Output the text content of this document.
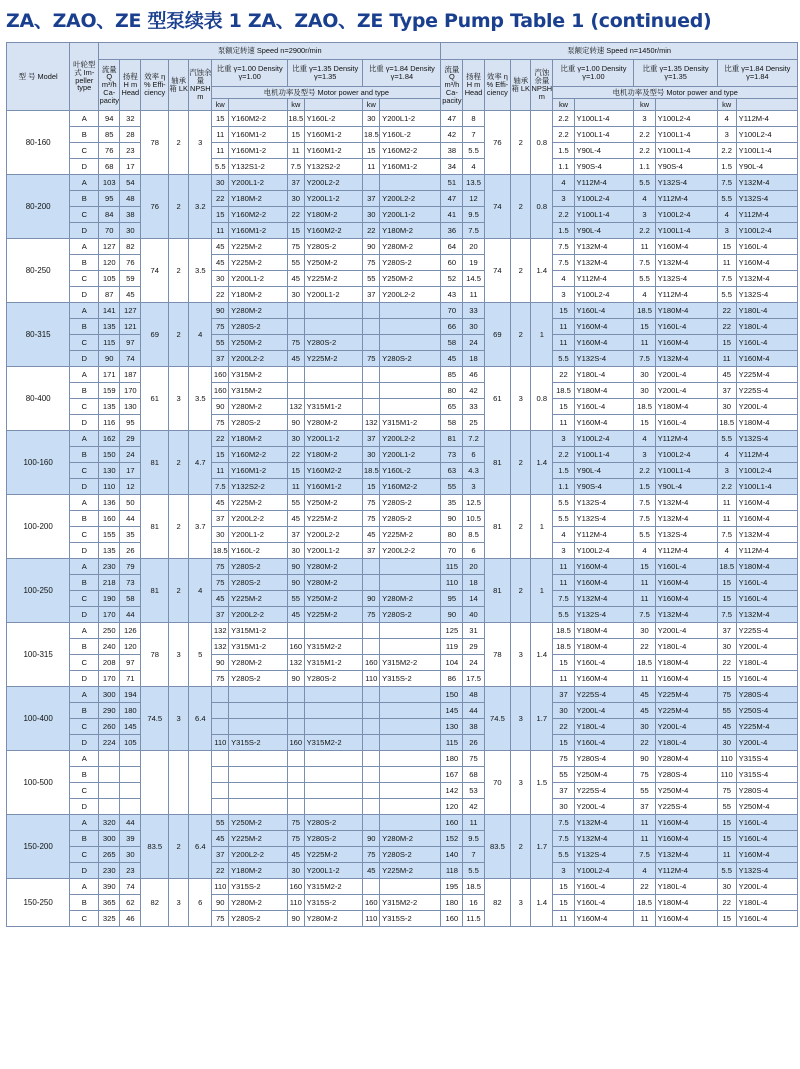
ZA、ZAO、ZE 型泵续表 1 ZA、ZAO、ZE Type Pump Table 1 (continued)
型 号 Model	叶轮型式 Im-peller type	泵额定转速 Speed n=2900r/min											泵额定转速 Speed n=1450r/min										
		流量 Q m³/h Ca-pacity	扬程 H m Head	效率 η % Effi-ciency	轴承箱 LK	汽蚀余量 NPSH m	比重 γ=1.00 Density γ=1.00		比重 γ=1.35 Density γ=1.35		比重 γ=1.84 Density γ=1.84		流量 Q m³/h Ca-pacity	扬程 H m Head	效率 η % Effi-ciency	轴承箱 LK	汽蚀余量 NPSH m	比重 γ=1.00 Density γ=1.00		比重 γ=1.35 Density γ=1.35		比重 γ=1.84 Density γ=1.84	
							电机功率及型号 Motor power and type											电机功率及型号 Motor power and type					
							kw		kw		kw							kw		kw		kw	
80-160	A	94	32	78	2	3	15	Y160M2-2	18.5	Y160L-2	30	Y200L1-2	47	8	76	2	0.8	2.2	Y100L1-4	3	Y100L2-4	4	Y112M-4
	B	85	28				11	Y160M1-2	15	Y160M1-2	18.5	Y160L-2	42	7				2.2	Y100L1-4	2.2	Y100L1-4	3	Y100L2-4
	C	76	23				11	Y160M1-2	11	Y160M1-2	15	Y160M2-2	38	5.5				1.5	Y90L-4	2.2	Y100L1-4	2.2	Y100L1-4
	D	68	17				5.5	Y132S1-2	7.5	Y132S2-2	11	Y160M1-2	34	4				1.1	Y90S-4	1.1	Y90S-4	1.5	Y90L-4
80-200	A	103	54	76	2	3.2	30	Y200L1-2	37	Y200L2-2			51	13.5	74	2	0.8	4	Y112M-4	5.5	Y132S-4	7.5	Y132M-4
	B	95	48				22	Y180M-2	30	Y200L1-2	37	Y200L2-2	47	12				3	Y100L2-4	4	Y112M-4	5.5	Y132S-4
	C	84	38				15	Y160M2-2	22	Y180M-2	30	Y200L1-2	41	9.5				2.2	Y100L1-4	3	Y100L2-4	4	Y112M-4
	D	70	30				11	Y160M1-2	15	Y160M2-2	22	Y180M-2	36	7.5				1.5	Y90L-4	2.2	Y100L1-4	3	Y100L2-4
80-250	A	127	82	74	2	3.5	45	Y225M-2	75	Y280S-2	90	Y280M-2	64	20	74	2	1.4	7.5	Y132M-4	11	Y160M-4	15	Y160L-4
	B	120	76				45	Y225M-2	55	Y250M-2	75	Y280S-2	60	19				7.5	Y132M-4	7.5	Y132M-4	11	Y160M-4
	C	105	59				30	Y200L1-2	45	Y225M-2	55	Y250M-2	52	14.5				4	Y112M-4	5.5	Y132S-4	7.5	Y132M-4
	D	87	45				22	Y180M-2	30	Y200L1-2	37	Y200L2-2	43	11				3	Y100L2-4	4	Y112M-4	5.5	Y132S-4
80-315	A	141	127	69	2	4	90	Y280M-2					70	33	69	2	1	15	Y160L-4	18.5	Y180M-4	22	Y180L-4
	B	135	121				75	Y280S-2					66	30				11	Y160M-4	15	Y160L-4	22	Y180L-4
	C	115	97				55	Y250M-2	75	Y280S-2			58	24				11	Y160M-4	11	Y160M-4	15	Y160L-4
	D	90	74				37	Y200L2-2	45	Y225M-2	75	Y280S-2	45	18				5.5	Y132S-4	7.5	Y132M-4	11	Y160M-4
80-400	A	171	187	61	3	3.5	160	Y315M-2					85	46	61	3	0.8	22	Y180L-4	30	Y200L-4	45	Y225M-4
	B	159	170				160	Y315M-2					80	42				18.5	Y180M-4	30	Y200L-4	37	Y225S-4
	C	135	130				90	Y280M-2	132	Y315M1-2			65	33				15	Y160L-4	18.5	Y180M-4	30	Y200L-4
	D	116	95				75	Y280S-2	90	Y280M-2	132	Y315M1-2	58	25				11	Y160M-4	15	Y160L-4	18.5	Y180M-4
100-160	A	162	29	81	2	4.7	22	Y180M-2	30	Y200L1-2	37	Y200L2-2	81	7.2	81	2	1.4	3	Y100L2-4	4	Y112M-4	5.5	Y132S-4
	B	150	24				15	Y160M2-2	22	Y180M-2	30	Y200L1-2	73	6				2.2	Y100L1-4	3	Y100L2-4	4	Y112M-4
	C	130	17				11	Y160M1-2	15	Y160M2-2	18.5	Y160L-2	63	4.3				1.5	Y90L-4	2.2	Y100L1-4	3	Y100L2-4
	D	110	12				7.5	Y132S2-2	11	Y160M1-2	15	Y160M2-2	55	3				1.1	Y90S-4	1.5	Y90L-4	2.2	Y100L1-4
100-200	A	136	50	81	2	3.7	45	Y225M-2	55	Y250M-2	75	Y280S-2	35	12.5	81	2	1	5.5	Y132S-4	7.5	Y132M-4	11	Y160M-4
	B	160	44				37	Y200L2-2	45	Y225M-2	75	Y280S-2	90	10.5				5.5	Y132S-4	7.5	Y132M-4	11	Y160M-4
	C	155	35				30	Y200L1-2	37	Y200L2-2	45	Y225M-2	80	8.5				4	Y112M-4	5.5	Y132S-4	7.5	Y132M-4
	D	135	26				18.5	Y160L-2	30	Y200L1-2	37	Y200L2-2	70	6				3	Y100L2-4	4	Y112M-4	4	Y112M-4
100-250	A	230	79	81	2	4	75	Y280S-2	90	Y280M-2			115	20	81	2	1	11	Y160M-4	15	Y160L-4	18.5	Y180M-4
	B	218	73				75	Y280S-2	90	Y280M-2			110	18				11	Y160M-4	11	Y160M-4	15	Y160L-4
	C	190	58				45	Y225M-2	55	Y250M-2	90	Y280M-2	95	14				7.5	Y132M-4	11	Y160M-4	15	Y160L-4
	D	170	44				37	Y200L2-2	45	Y225M-2	75	Y280S-2	90	40				5.5	Y132S-4	7.5	Y132M-4	7.5	Y132M-4
100-315	A	250	126	78	3	5	132	Y315M1-2					125	31	78	3	1.4	18.5	Y180M-4	30	Y200L-4	37	Y225S-4
	B	240	120				132	Y315M1-2	160	Y315M2-2			119	29				18.5	Y180M-4	22	Y180L-4	30	Y200L-4
	C	208	97				90	Y280M-2	132	Y315M1-2	160	Y315M2-2	104	24				15	Y160L-4	18.5	Y180M-4	22	Y180L-4
	D	170	71				75	Y280S-2	90	Y280S-2	110	Y315S-2	86	17.5				11	Y160M-4	11	Y160M-4	15	Y160L-4
100-400	A	300	194	74.5	3	6.4							150	48	74.5	3	1.7	37	Y225S-4	45	Y225M-4	75	Y280S-4
	B	290	180										145	44				30	Y200L-4	45	Y225M-4	55	Y250S-4
	C	260	145										130	38				22	Y180L-4	30	Y200L-4	45	Y225M-4
	D	224	105				110	Y315S-2	160	Y315M2-2			115	26				15	Y160L-4	22	Y180L-4	30	Y200L-4
100-500	A												180	75	70	3	1.5	75	Y280S-4	90	Y280M-4	110	Y315S-4
	B												167	68				55	Y250M-4	75	Y280S-4	110	Y315S-4
	C												142	53				37	Y225S-4	55	Y250M-4	75	Y280S-4
	D												120	42				30	Y200L-4	37	Y225S-4	55	Y250M-4
150-200	A	320	44	83.5	2	6.4	55	Y250M-2	75	Y280S-2			160	11	83.5	2	1.7	7.5	Y132M-4	11	Y160M-4	15	Y160L-4
	B	300	39				45	Y225M-2	75	Y280S-2	90	Y280M-2	152	9.5				7.5	Y132M-4	11	Y160M-4	15	Y160L-4
	C	265	30				37	Y200L2-2	45	Y225M-2	75	Y280S-2	140	7				5.5	Y132S-4	7.5	Y132M-4	11	Y160M-4
	D	230	23				22	Y180M-2	30	Y200L1-2	45	Y225M-2	118	5.5				3	Y100L2-4	4	Y112M-4	5.5	Y132S-4
150-250	A	390	74	82	3	6	110	Y315S-2	160	Y315M2-2			195	18.5	82	3	1.4	15	Y160L-4	22	Y180L-4	30	Y200L-4
	B	365	62				90	Y280M-2	110	Y315S-2	160	Y315M2-2	180	16				15	Y160L-4	18.5	Y180M-4	22	Y180L-4
	C	325	46				75	Y280S-2	90	Y280M-2	110	Y315S-2	160	11.5				11	Y160M-4	11	Y160M-4	15	Y160L-4
